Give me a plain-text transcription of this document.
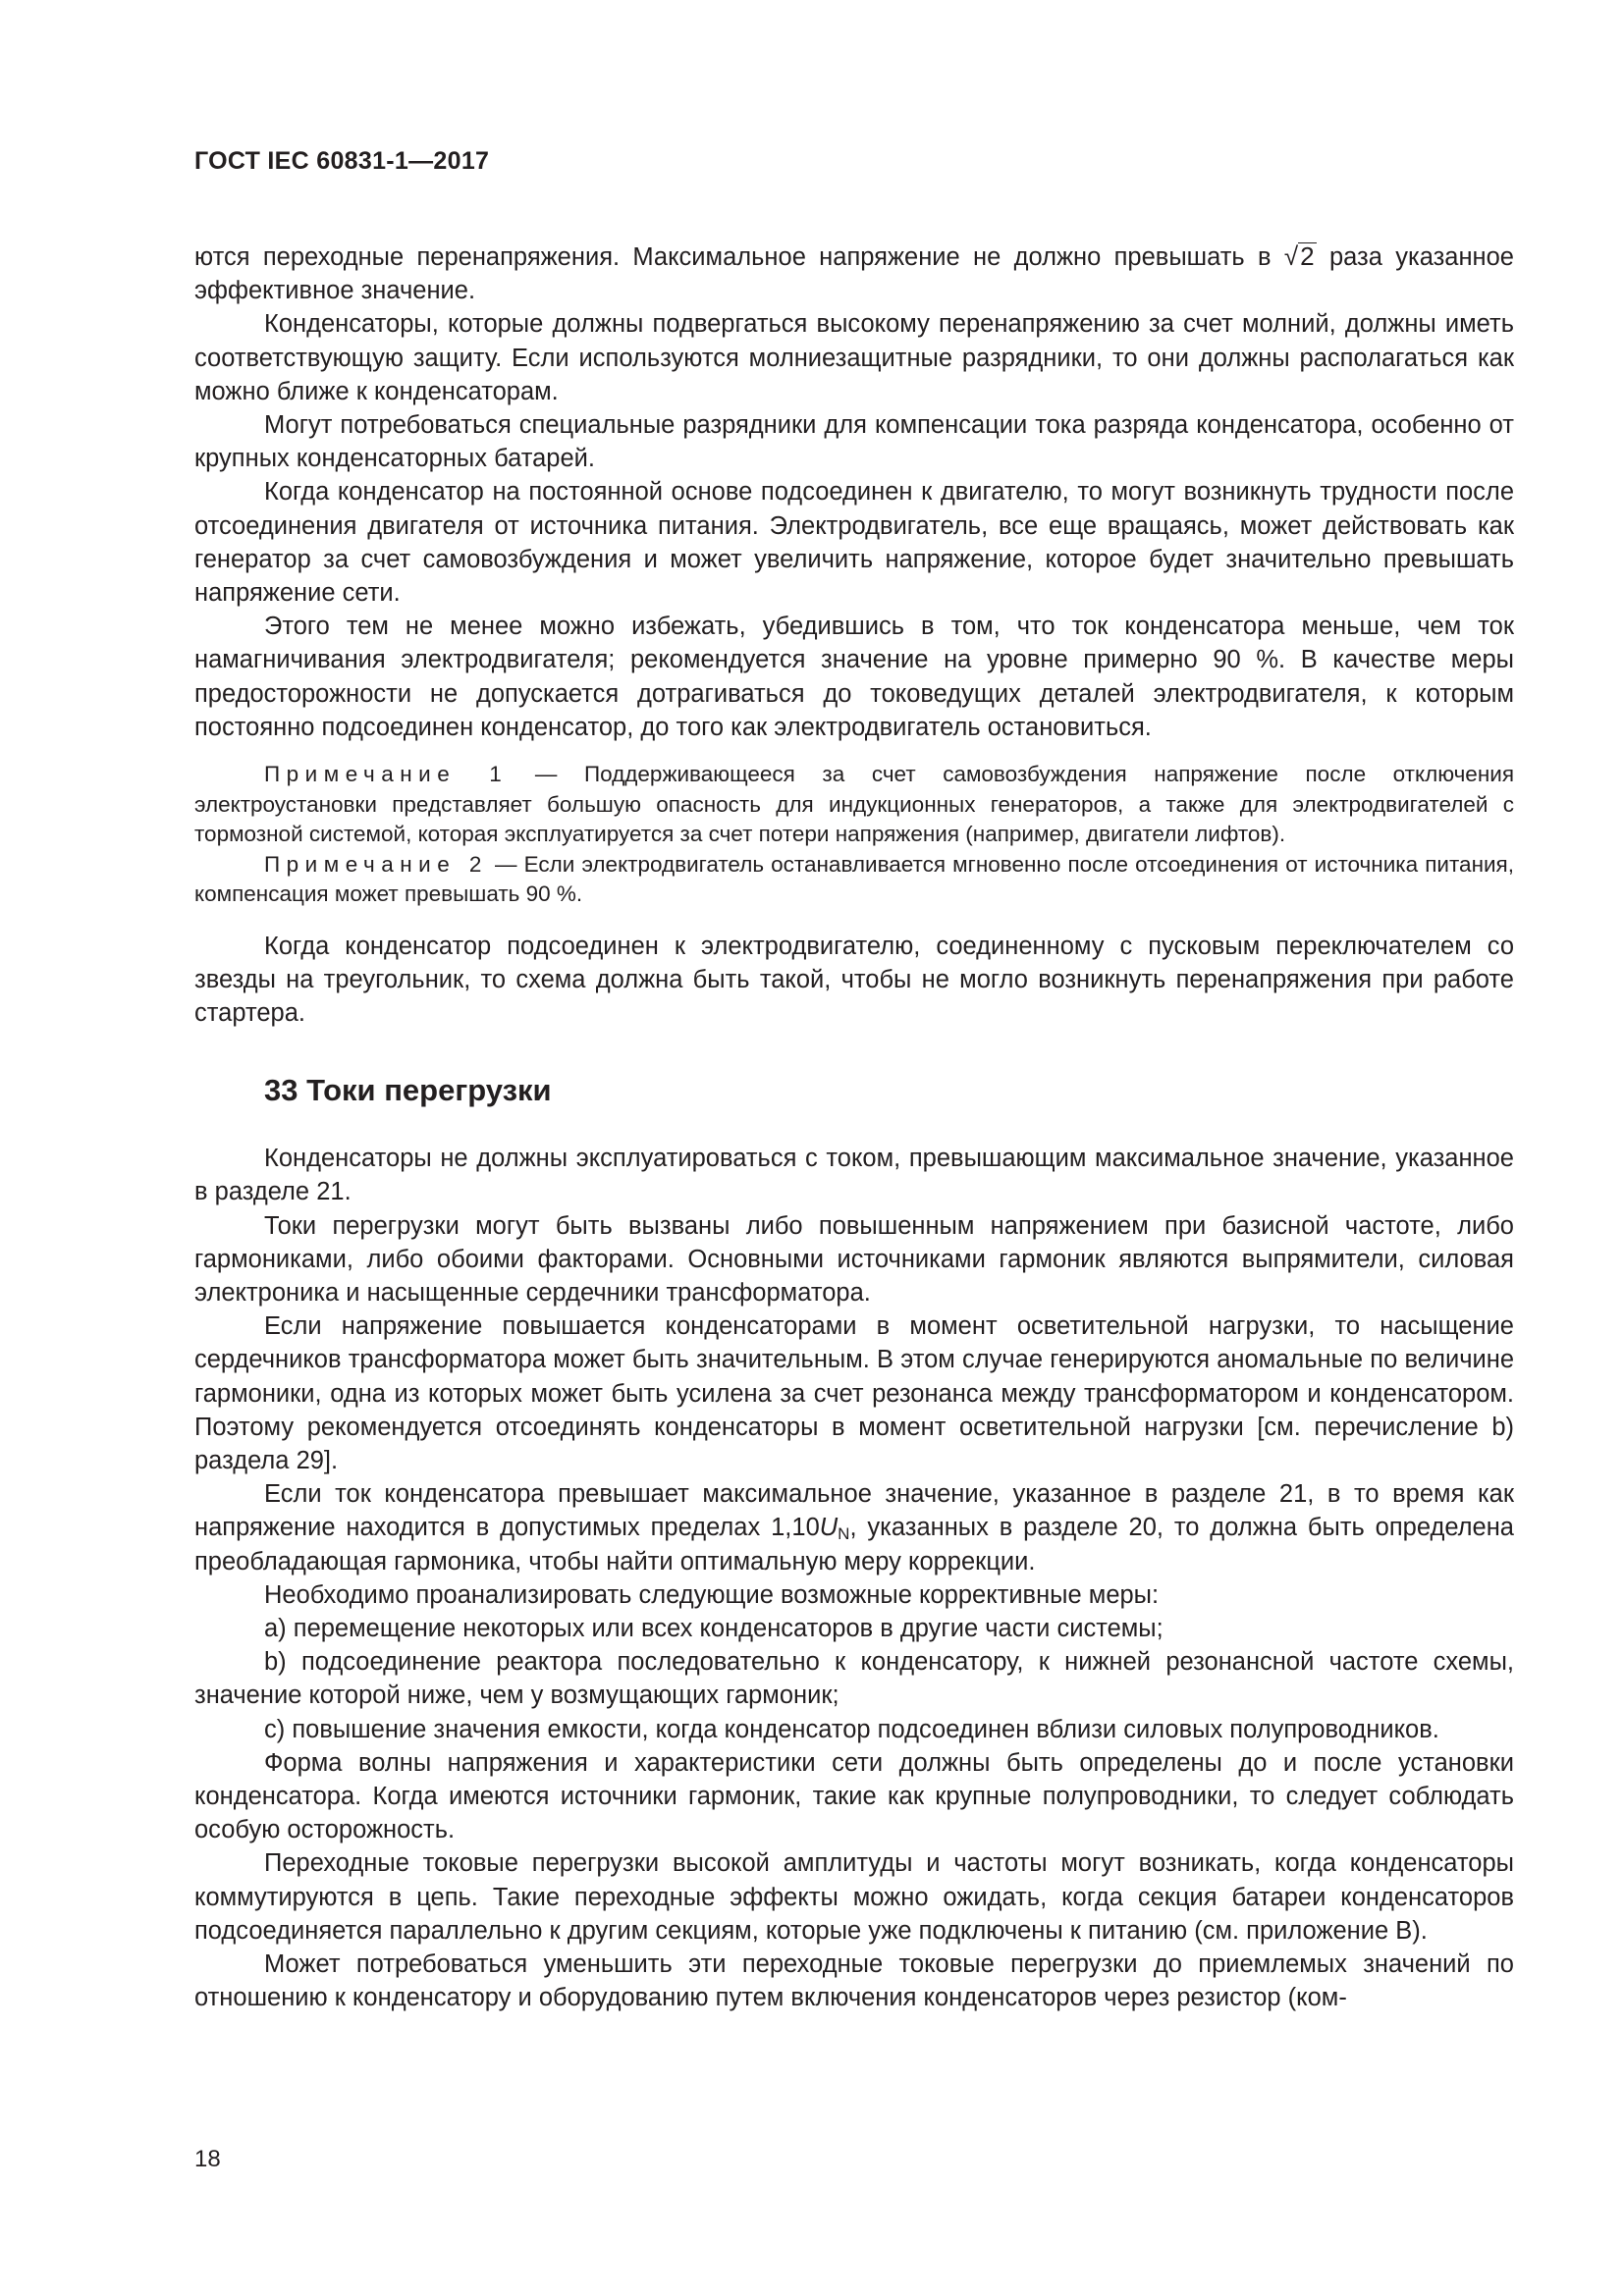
ГОСТ IEC 60831-1—2017

ются переходные перенапряжения. Максимальное напряжение не должно превышать в √2 раза указанное эффективное значение.

Конденсаторы, которые должны подвергаться высокому перенапряжению за счет молний, должны иметь соответствующую защиту. Если используются молниезащитные разрядники, то они должны располагаться как можно ближе к конденсаторам.

Могут потребоваться специальные разрядники для компенсации тока разряда конденсатора, особенно от крупных конденсаторных батарей.

Когда конденсатор на постоянной основе подсоединен к двигателю, то могут возникнуть трудности после отсоединения двигателя от источника питания. Электродвигатель, все еще вращаясь, может действовать как генератор за счет самовозбуждения и может увеличить напряжение, которое будет значительно превышать напряжение сети.

Этого тем не менее можно избежать, убедившись в том, что ток конденсатора меньше, чем ток намагничивания электродвигателя; рекомендуется значение на уровне примерно 90 %. В качестве меры предосторожности не допускается дотрагиваться до токоведущих деталей электродвигателя, к которым постоянно подсоединен конденсатор, до того как электродвигатель остановиться.

Примечание 1 — Поддерживающееся за счет самовозбуждения напряжение после отключения электроустановки представляет большую опасность для индукционных генераторов, а также для электродвигателей с тормозной системой, которая эксплуатируется за счет потери напряжения (например, двигатели лифтов).

Примечание 2 — Если электродвигатель останавливается мгновенно после отсоединения от источника питания, компенсация может превышать 90 %.

Когда конденсатор подсоединен к электродвигателю, соединенному с пусковым переключателем со звезды на треугольник, то схема должна быть такой, чтобы не могло возникнуть перенапряжения при работе стартера.

33 Токи перегрузки

Конденсаторы не должны эксплуатироваться с током, превышающим максимальное значение, указанное в разделе 21.

Токи перегрузки могут быть вызваны либо повышенным напряжением при базисной частоте, либо гармониками, либо обоими факторами. Основными источниками гармоник являются выпрямители, силовая электроника и насыщенные сердечники трансформатора.

Если напряжение повышается конденсаторами в момент осветительной нагрузки, то насыщение сердечников трансформатора может быть значительным. В этом случае генерируются аномальные по величине гармоники, одна из которых может быть усилена за счет резонанса между трансформатором и конденсатором. Поэтому рекомендуется отсоединять конденсаторы в момент осветительной нагрузки [см. перечисление b) раздела 29].

Если ток конденсатора превышает максимальное значение, указанное в разделе 21, в то время как напряжение находится в допустимых пределах $1,10U_N$, указанных в разделе 20, то должна быть определена преобладающая гармоника, чтобы найти оптимальную меру коррекции.

Необходимо проанализировать следующие возможные коррективные меры:

a) перемещение некоторых или всех конденсаторов в другие части системы;

b) подсоединение реактора последовательно к конденсатору, к нижней резонансной частоте схемы, значение которой ниже, чем у возмущающих гармоник;

c) повышение значения емкости, когда конденсатор подсоединен вблизи силовых полупроводников.

Форма волны напряжения и характеристики сети должны быть определены до и после установки конденсатора. Когда имеются источники гармоник, такие как крупные полупроводники, то следует соблюдать особую осторожность.

Переходные токовые перегрузки высокой амплитуды и частоты могут возникать, когда конденсаторы коммутируются в цепь. Такие переходные эффекты можно ожидать, когда секция батареи конденсаторов подсоединяется параллельно к другим секциям, которые уже подключены к питанию (см. приложение В).

Может потребоваться уменьшить эти переходные токовые перегрузки до приемлемых значений по отношению к конденсатору и оборудованию путем включения конденсаторов через резистор (ком-

18
